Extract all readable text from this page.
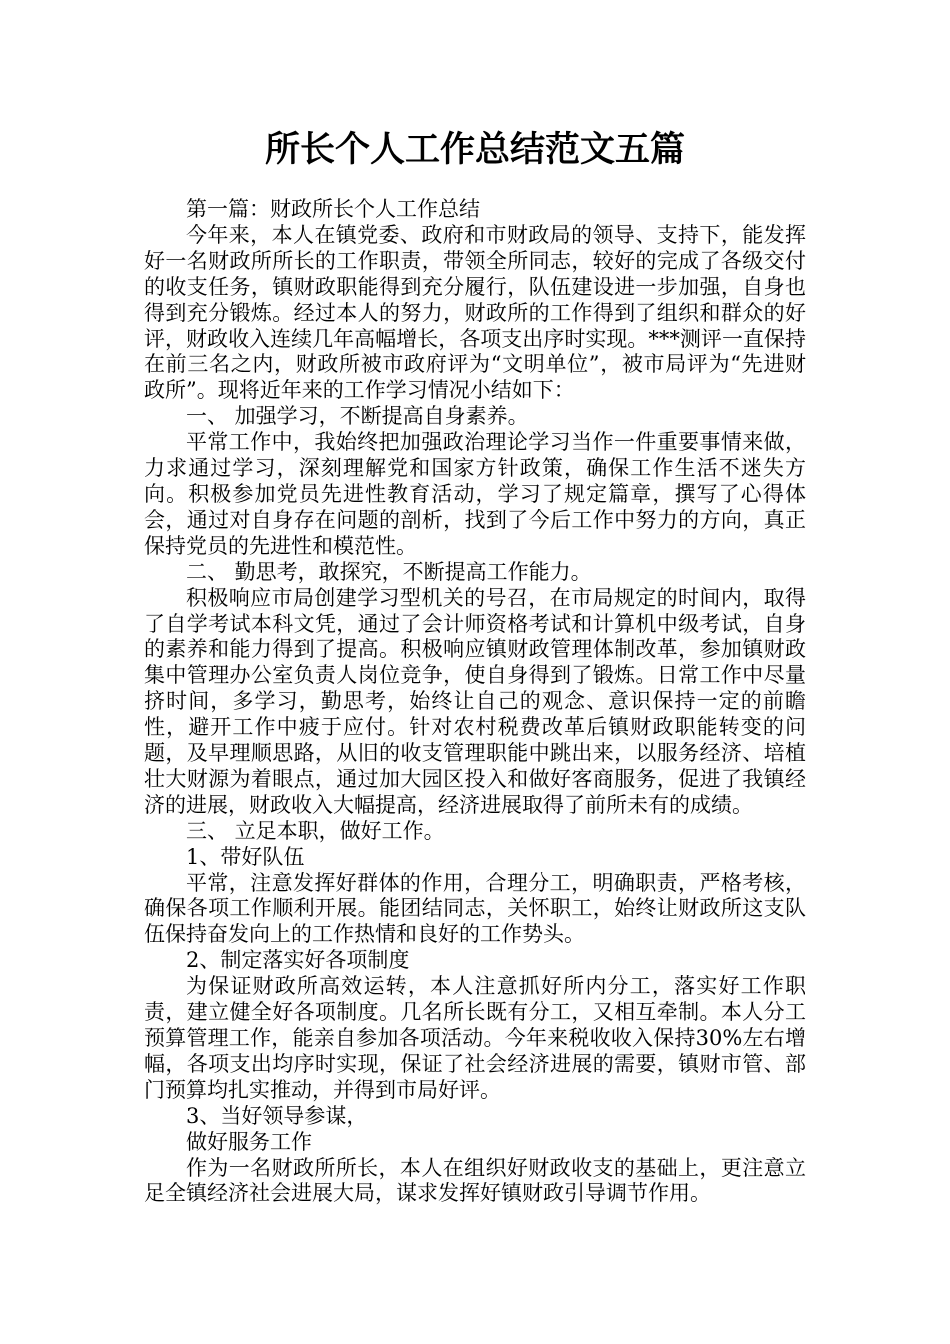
所长个人工作总结范文五篇

第一篇：财政所长个人工作总结

今年来，本人在镇党委、政府和市财政局的领导、支持下，能发挥好一名财政所所长的工作职责，带领全所同志，较好的完成了各级交付的收支任务，镇财政职能得到充分履行，队伍建设进一步加强，自身也得到充分锻炼。经过本人的努力，财政所的工作得到了组织和群众的好评，财政收入连续几年高幅增长，各项支出序时实现。***测评一直保持在前三名之内，财政所被市政府评为“文明单位”，被市局评为“先进财政所”。现将近年来的工作学习情况小结如下：

一、 加强学习，不断提高自身素养。

平常工作中，我始终把加强政治理论学习当作一件重要事情来做，力求通过学习，深刻理解党和国家方针政策，确保工作生活不迷失方向。积极参加党员先进性教育活动，学习了规定篇章，撰写了心得体会，通过对自身存在问题的剖析，找到了今后工作中努力的方向，真正保持党员的先进性和模范性。

二、 勤思考，敢探究，不断提高工作能力。

积极响应市局创建学习型机关的号召，在市局规定的时间内，取得了自学考试本科文凭，通过了会计师资格考试和计算机中级考试，自身的素养和能力得到了提高。积极响应镇财政管理体制改革，参加镇财政集中管理办公室负责人岗位竞争，使自身得到了锻炼。日常工作中尽量挤时间，多学习，勤思考，始终让自己的观念、意识保持一定的前瞻性，避开工作中疲于应付。针对农村税费改革后镇财政职能转变的问题，及早理顺思路，从旧的收支管理职能中跳出来，以服务经济、培植壮大财源为着眼点，通过加大园区投入和做好客商服务，促进了我镇经济的进展，财政收入大幅提高，经济进展取得了前所未有的成绩。

三、 立足本职，做好工作。

1、带好队伍

平常，注意发挥好群体的作用，合理分工，明确职责，严格考核，确保各项工作顺利开展。能团结同志，关怀职工，始终让财政所这支队伍保持奋发向上的工作热情和良好的工作势头。

2、制定落实好各项制度

为保证财政所高效运转，本人注意抓好所内分工，落实好工作职责，建立健全好各项制度。几名所长既有分工，又相互牵制。本人分工预算管理工作，能亲自参加各项活动。今年来税收收入保持30%左右增幅，各项支出均序时实现，保证了社会经济进展的需要，镇财市管、部门预算均扎实推动，并得到市局好评。

3、当好领导参谋，

做好服务工作

作为一名财政所所长，本人在组织好财政收支的基础上，更注意立足全镇经济社会进展大局，谋求发挥好镇财政引导调节作用。
